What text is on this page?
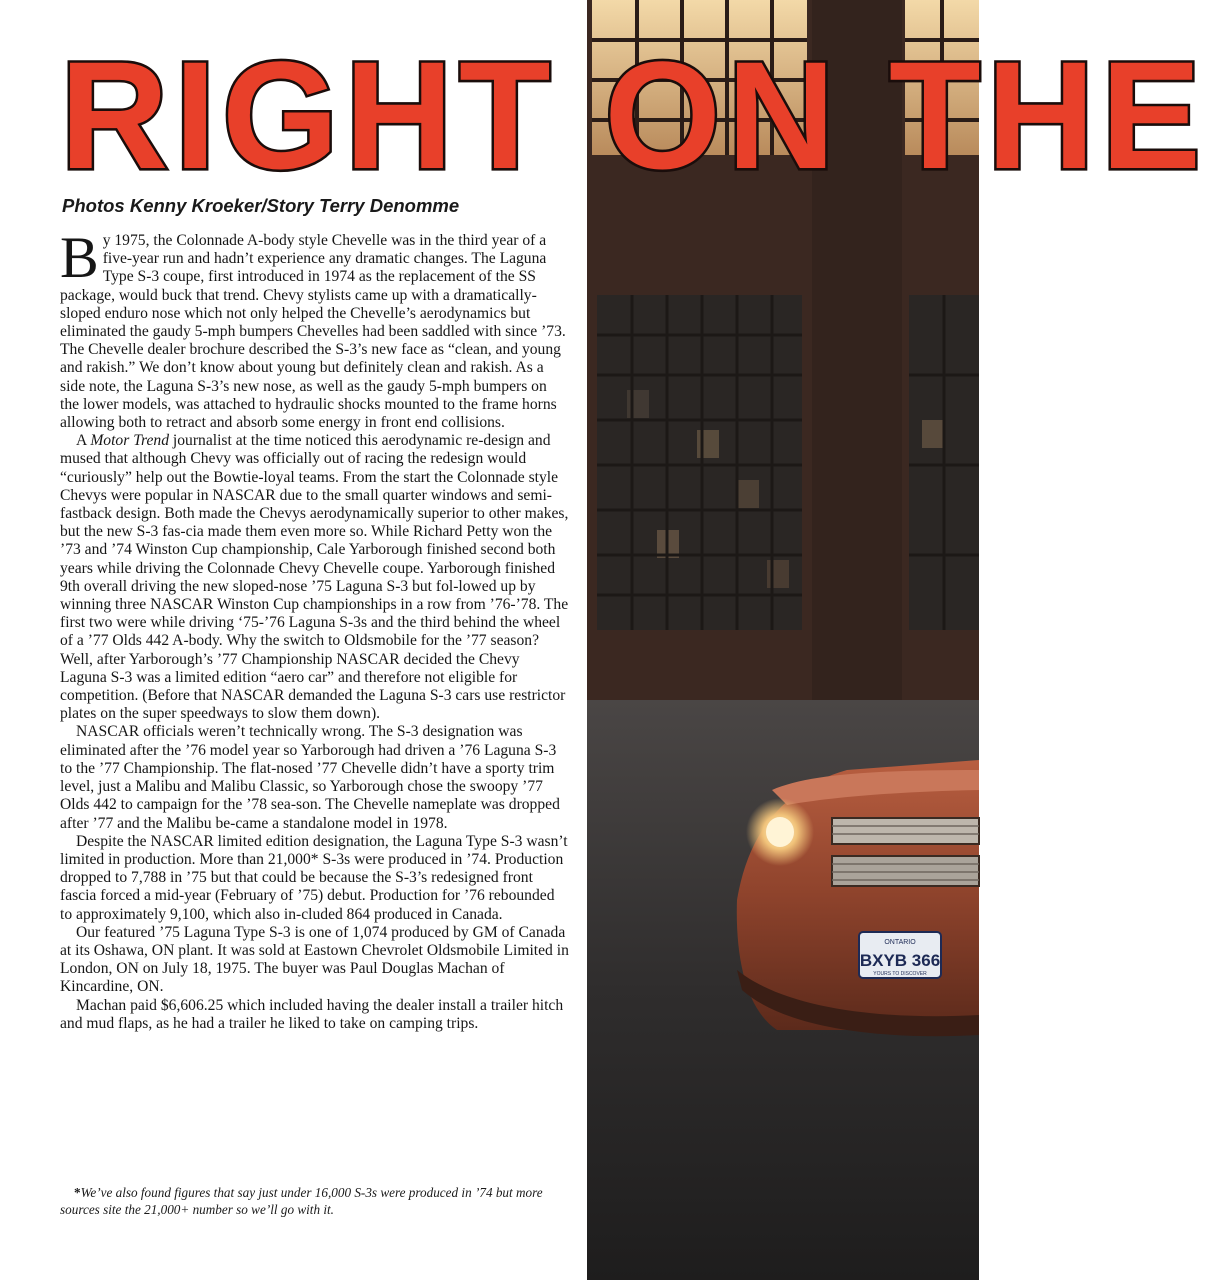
ONTARIO
BXYB 366
YOURS TO DISCOVER
RIGHT ON THE
Photos Kenny Kroeker/Story Terry Denomme

By 1975, the Colonnade A-body style Chevelle was in the third year of a five-year run and hadn’t experience any dramatic changes. The Laguna Type S-3 coupe, first introduced in 1974 as the replacement of the SS package, would buck that trend. Chevy stylists came up with a dramatically-sloped enduro nose which not only helped the Chevelle’s aerodynamics but eliminated the gaudy 5-mph bumpers Chevelles had been saddled with since ’73. The Chevelle dealer brochure described the S-3’s new face as “clean, and young and rakish.” We don’t know about young but definitely clean and rakish. As a side note, the Laguna S-3’s new nose, as well as the gaudy 5-mph bumpers on the lower models, was attached to hydraulic shocks mounted to the frame horns allowing both to retract and absorb some energy in front end collisions.

A Motor Trend journalist at the time noticed this aerodynamic re-design and mused that although Chevy was officially out of racing the redesign would “curiously” help out the Bowtie-loyal teams. From the start the Colonnade style Chevys were popular in NASCAR due to the small quarter windows and semi-fastback design. Both made the Chevys aerodynamically superior to other makes, but the new S-3 fas-cia made them even more so. While Richard Petty won the ’73 and ’74 Winston Cup championship, Cale Yarborough finished second both years while driving the Colonnade Chevy Chevelle coupe. Yarborough finished 9th overall driving the new sloped-nose ’75 Laguna S-3 but fol-lowed up by winning three NASCAR Winston Cup championships in a row from ’76-’78. The first two were while driving ‘75-’76 Laguna S-3s and the third behind the wheel of a ’77 Olds 442 A-body. Why the switch to Oldsmobile for the ’77 season? Well, after Yarborough’s ’77 Championship NASCAR decided the Chevy Laguna S-3 was a limited edition “aero car” and therefore not eligible for competition. (Before that NASCAR demanded the Laguna S-3 cars use restrictor plates on the super speedways to slow them down).

NASCAR officials weren’t technically wrong. The S-3 designation was eliminated after the ’76 model year so Yarborough had driven a ’76 Laguna S-3 to the ’77 Championship. The flat-nosed ’77 Chevelle didn’t have a sporty trim level, just a Malibu and Malibu Classic, so Yarborough chose the swoopy ’77 Olds 442 to campaign for the ’78 sea-son. The Chevelle nameplate was dropped after ’77 and the Malibu be-came a standalone model in 1978.

Despite the NASCAR limited edition designation, the Laguna Type S-3 wasn’t limited in production. More than 21,000* S-3s were produced in ’74. Production dropped to 7,788 in ’75 but that could be because the S-3’s redesigned front fascia forced a mid-year (February of ’75) debut. Production for ’76 rebounded to approximately 9,100, which also in-cluded 864 produced in Canada.

Our featured ’75 Laguna Type S-3 is one of 1,074 produced by GM of Canada at its Oshawa, ON plant. It was sold at Eastown Chevrolet Oldsmobile Limited in London, ON on July 18, 1975. The buyer was Paul Douglas Machan of Kincardine, ON.

Machan paid $6,606.25 which included having the dealer install a trailer hitch and mud flaps, as he had a trailer he liked to take on camping trips.

*We’ve also found figures that say just under 16,000 S-3s were produced in ’74 but more sources site the 21,000+ number so we’ll go with it.
